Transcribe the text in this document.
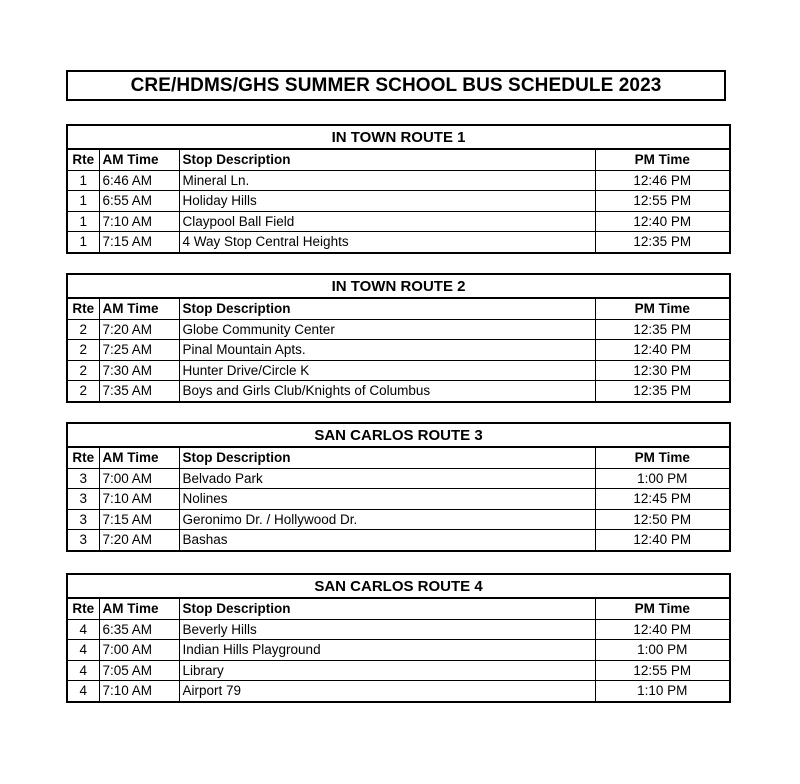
CRE/HDMS/GHS SUMMER SCHOOL BUS SCHEDULE 2023
IN TOWN ROUTE 1			
Rte	AM Time	Stop Description	PM Time
1	6:46 AM	Mineral Ln.	12:46 PM
1	6:55 AM	Holiday Hills	12:55 PM
1	7:10 AM	Claypool Ball Field	12:40 PM
1	7:15 AM	4 Way Stop Central Heights	12:35 PM
IN TOWN ROUTE 2			
Rte	AM Time	Stop Description	PM Time
2	7:20 AM	Globe Community Center	12:35 PM
2	7:25 AM	Pinal Mountain Apts.	12:40 PM
2	7:30 AM	Hunter Drive/Circle K	12:30 PM
2	7:35 AM	Boys and Girls Club/Knights of Columbus	12:35 PM
SAN CARLOS ROUTE 3			
Rte	AM Time	Stop Description	PM Time
3	7:00 AM	Belvado Park	1:00 PM
3	7:10 AM	Nolines	12:45 PM
3	7:15 AM	Geronimo Dr. / Hollywood Dr.	12:50 PM
3	7:20 AM	Bashas	12:40 PM
SAN CARLOS ROUTE 4			
Rte	AM Time	Stop Description	PM Time
4	6:35 AM	Beverly Hills	12:40 PM
4	7:00 AM	Indian Hills Playground	1:00 PM
4	7:05 AM	Library	12:55 PM
4	7:10 AM	Airport 79	1:10 PM
